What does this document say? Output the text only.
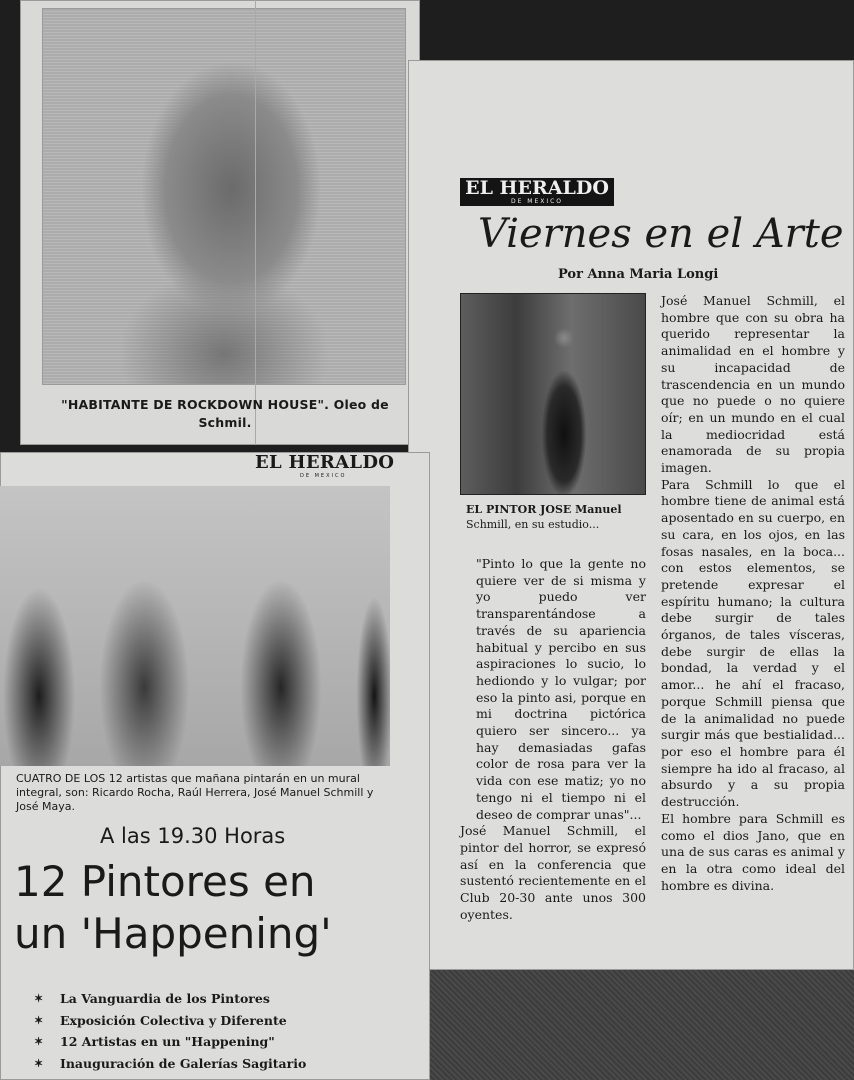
"HABITANTE DE ROCKDOWN HOUSE". Oleo de
Schmil.
EL HERALDO
DE MEXICO
Viernes en el Arte
Por Anna Maria Longi
EL PINTOR JOSE Manuel
Schmill, en su estudio...

"Pinto lo que la gente no quiere ver de si misma y yo puedo ver transparentándose a través de su apariencia habitual y percibo en sus aspiraciones lo sucio, lo hediondo y lo vulgar; por eso la pinto asi, porque en mi doctrina pictórica quiero ser sincero... ya hay demasiadas gafas color de rosa para ver la vida con ese matiz; yo no tengo ni el tiempo ni el deseo de comprar unas"...

José Manuel Schmill, el pintor del horror, se expresó así en la conferencia que sustentó recientemente en el Club 20-30 ante unos 300 oyentes.

José Manuel Schmill, el hombre que con su obra ha querido representar la animalidad en el hombre y su incapacidad de trascendencia en un mundo que no puede o no quiere oír; en un mundo en el cual la mediocridad está enamorada de su propia imagen.

Para Schmill lo que el hombre tiene de animal está aposentado en su cuerpo, en su cara, en los ojos, en las fosas nasales, en la boca... con estos elementos, se pretende expresar el espíritu humano; la cultura debe surgir de tales órganos, de tales vísceras, debe surgir de ellas la bondad, la verdad y el amor... he ahí el fracaso, porque Schmill piensa que de la animalidad no puede surgir más que bestialidad... por eso el hombre para él siempre ha ido al fracaso, al absurdo y a su propia destrucción.

El hombre para Schmill es como el dios Jano, que en una de sus caras es animal y en la otra como ideal del hombre es divina.

EL HERALDO
DE MEXICO
CUATRO DE LOS 12 artistas que mañana pintarán en un mural integral, son: Ricardo Rocha, Raúl Herrera, José Manuel Schmill y José Maya.
A las 19.30 Horas
12 Pintores en
un 'Happening'
✶	La Vanguardia de los Pintores
✶	Exposición Colectiva y Diferente
✶	12 Artistas en un "Happening"
✶	Inauguración de Galerías Sagitario
